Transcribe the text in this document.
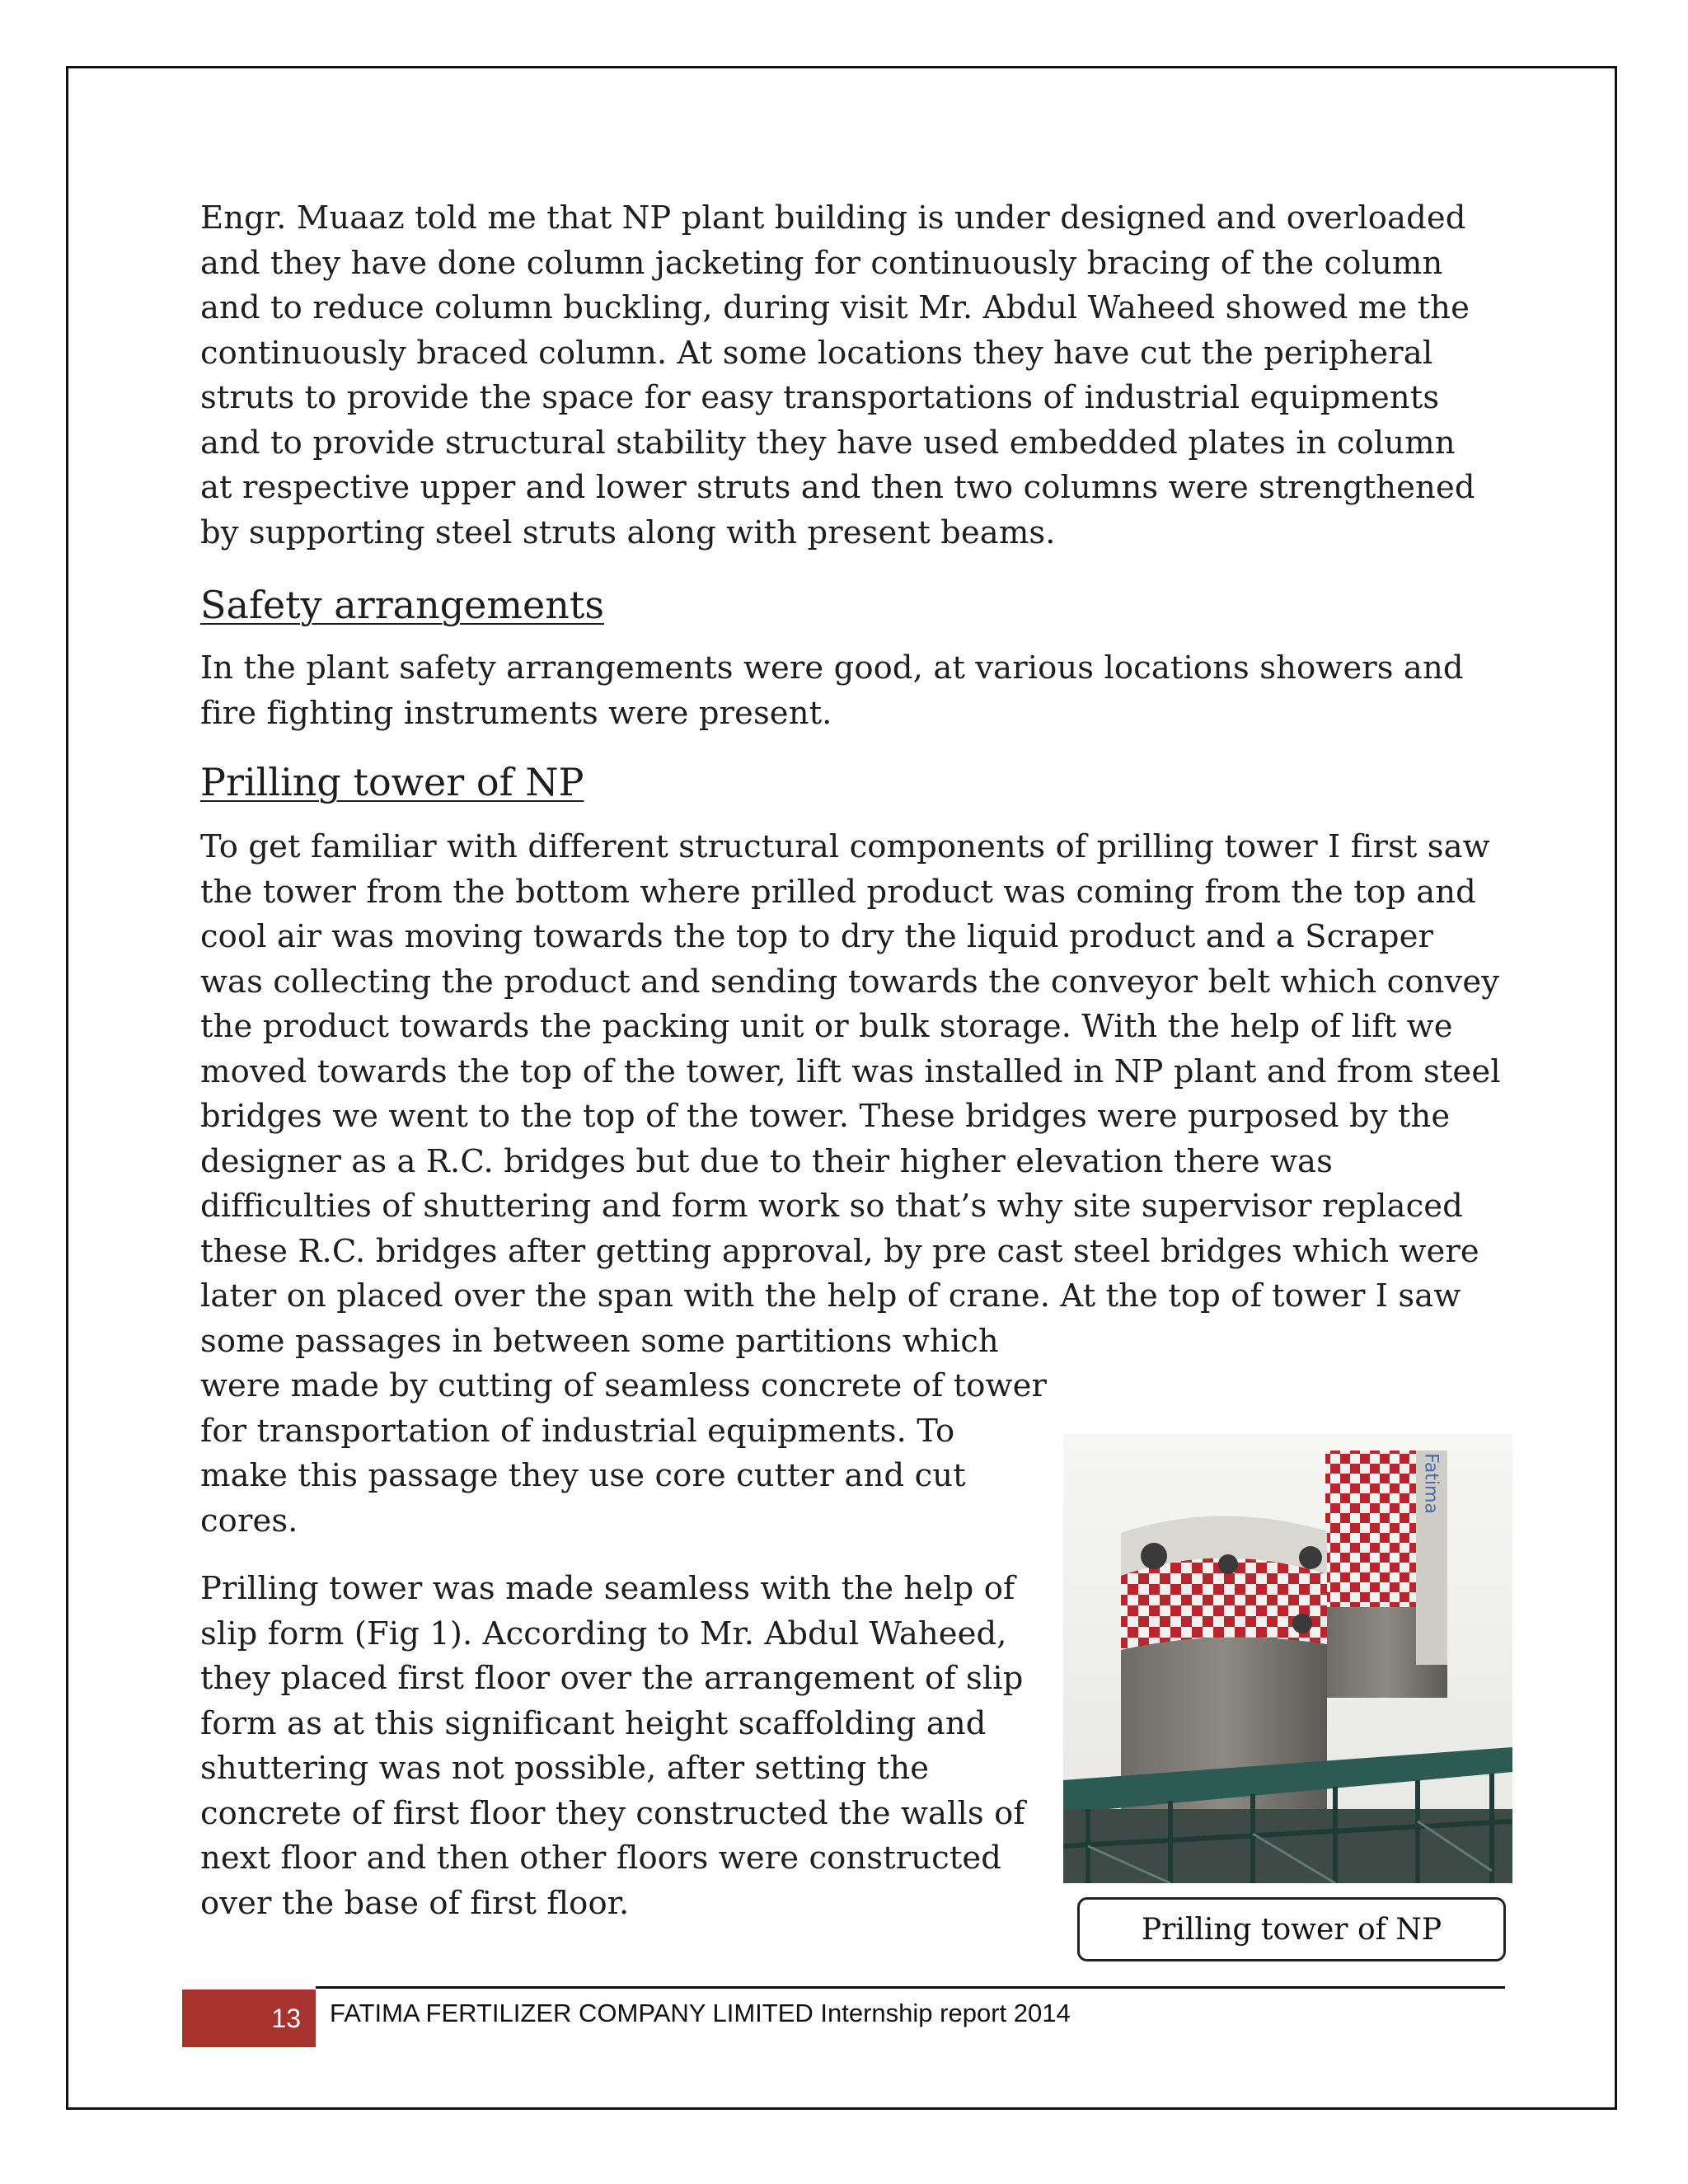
Engr. Muaaz told me that NP plant building is under designed and overloaded
and they have done column jacketing for continuously bracing of the column
and to reduce column buckling, during visit Mr. Abdul Waheed showed me the
continuously braced column. At some locations they have cut the peripheral
struts to provide the space for easy transportations of industrial equipments
and to provide structural stability they have used embedded plates in column
at respective upper and lower struts and then two columns were strengthened
by supporting steel struts along with present beams.

Safety arrangements

In the plant safety arrangements were good, at various locations showers and
fire fighting instruments were present.

Prilling tower of NP

To get familiar with different structural components of prilling tower I first saw
the tower from the bottom where prilled product was coming from the top and
cool air was moving towards the top to dry the liquid product and a Scraper
was collecting the product and sending towards the conveyor belt which convey
the product towards the packing unit or bulk storage. With the help of lift we
moved towards the top of the tower, lift was installed in NP plant and from steel
bridges we went to the top of the tower. These bridges were purposed by the
designer as a R.C. bridges but due to their higher elevation there was
difficulties of shuttering and form work so that’s why site supervisor replaced
these R.C. bridges after getting approval, by pre cast steel bridges which were
later on placed over the span with the help of crane. At the top of tower I saw
some passages in between some partitions which
were made by cutting of seamless concrete of tower
for transportation of industrial equipments. To
make this passage they use core cutter and cut
cores.

Prilling tower was made seamless with the help of
slip form (Fig 1). According to Mr. Abdul Waheed,
they placed first floor over the arrangement of slip
form as at this significant height scaffolding and
shuttering was not possible, after setting the
concrete of first floor they constructed the walls of
next floor and then other floors were constructed
over the base of first floor.

Fatima
Prilling tower of NP
13	FATIMA FERTILIZER COMPANY LIMITED Internship report 2014
